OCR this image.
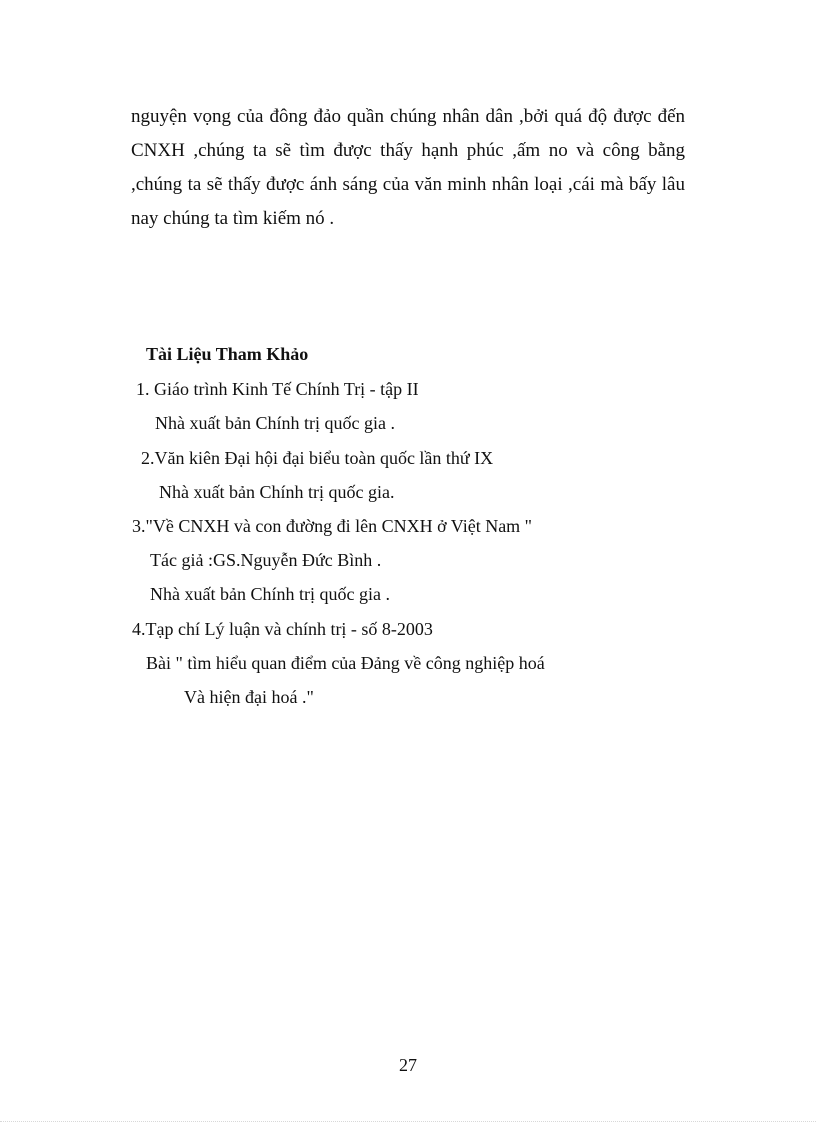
nguyện vọng của đông đảo quần chúng nhân dân ,bởi quá độ được đến
CNXH ,chúng ta sẽ tìm được thấy hạnh phúc ,ấm no và công bằng
,chúng ta sẽ thấy được ánh sáng của văn minh nhân loại ,cái mà bấy lâu
nay chúng ta tìm kiếm nó .
Tài Liệu Tham Khảo
1. Giáo trình Kinh Tế Chính Trị - tập II
Nhà xuất bản Chính trị quốc gia .
2.Văn kiên Đại hội đại biểu toàn quốc lần thứ IX
Nhà xuất bản Chính trị quốc gia.
3."Về CNXH và con đường đi lên CNXH ở Việt Nam "
Tác giả :GS.Nguyễn Đức Bình .
Nhà xuất bản Chính trị quốc gia .
4.Tạp chí Lý luận và chính trị - số 8-2003
Bài " tìm hiểu quan điểm của Đảng về công nghiệp hoá
Và hiện đại hoá ."
27
